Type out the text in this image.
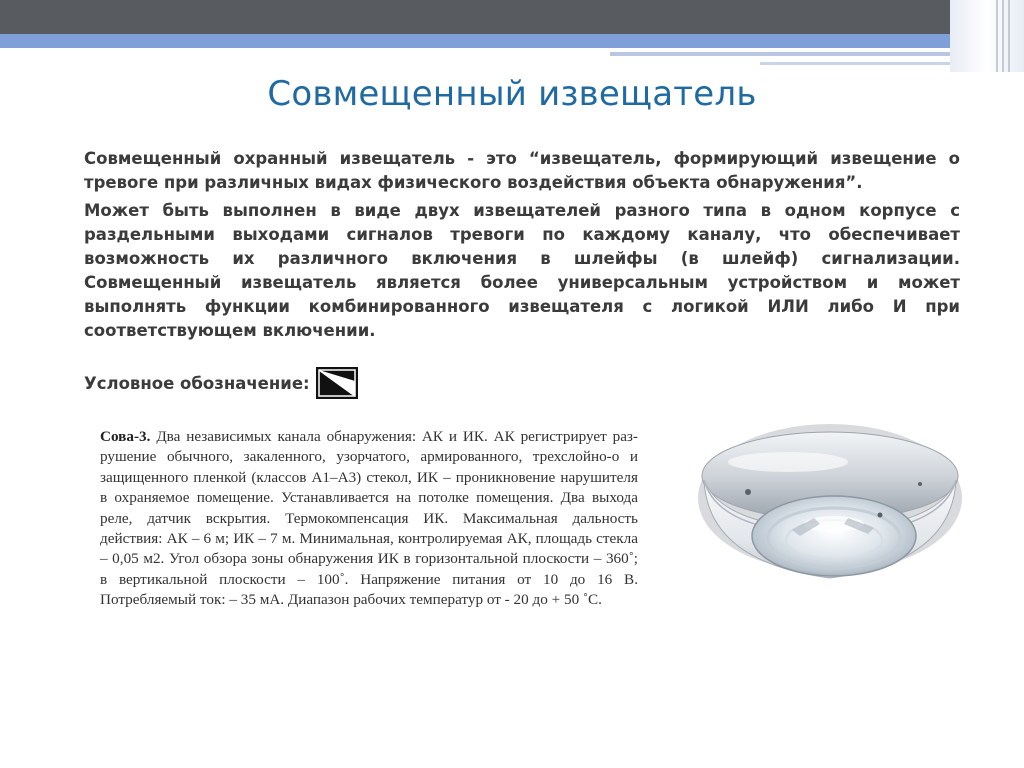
Совмещенный извещатель

Совмещенный охранный извещатель - это “извещатель, формирующий извещение о тревоге при различных видах физического воздействия объекта обнаружения”.

Может быть выполнен в виде двух извещателей разного типа в одном корпусе с раздельными выходами сигналов тревоги по каждому каналу, что обеспечивает возможность их различного включения в шлейфы (в шлейф) сигнализации. Совмещенный извещатель является более универсальным устройством и может выполнять функции комбинированного извещателя с логикой ИЛИ либо И при соответствующем включении.

Условное обозначение:

Сова-3. Два независимых канала обнаружения: АК и ИК. АК регистрирует раз-рушение обычного, закаленного, узорчатого, армированного, трехслойно-о и защищенного пленкой (классов А1–А3) стекол, ИК – проникновение нарушителя в охраняемое помещение. Устанавливается на потолке помещения. Два выхода реле, датчик вскрытия. Термокомпенсация ИК. Максимальная дальность действия: АК – 6 м; ИК – 7 м. Минимальная, контролируемая АК, площадь стекла – 0,05 м2. Угол обзора зоны обнаружения ИК в горизонтальной плоскости – 360˚; в вертикальной плоскости – 100˚. Напряжение питания от 10 до 16 В. Потребляемый ток: – 35 мА. Диапазон рабочих температур от - 20 до + 50 ˚С.
